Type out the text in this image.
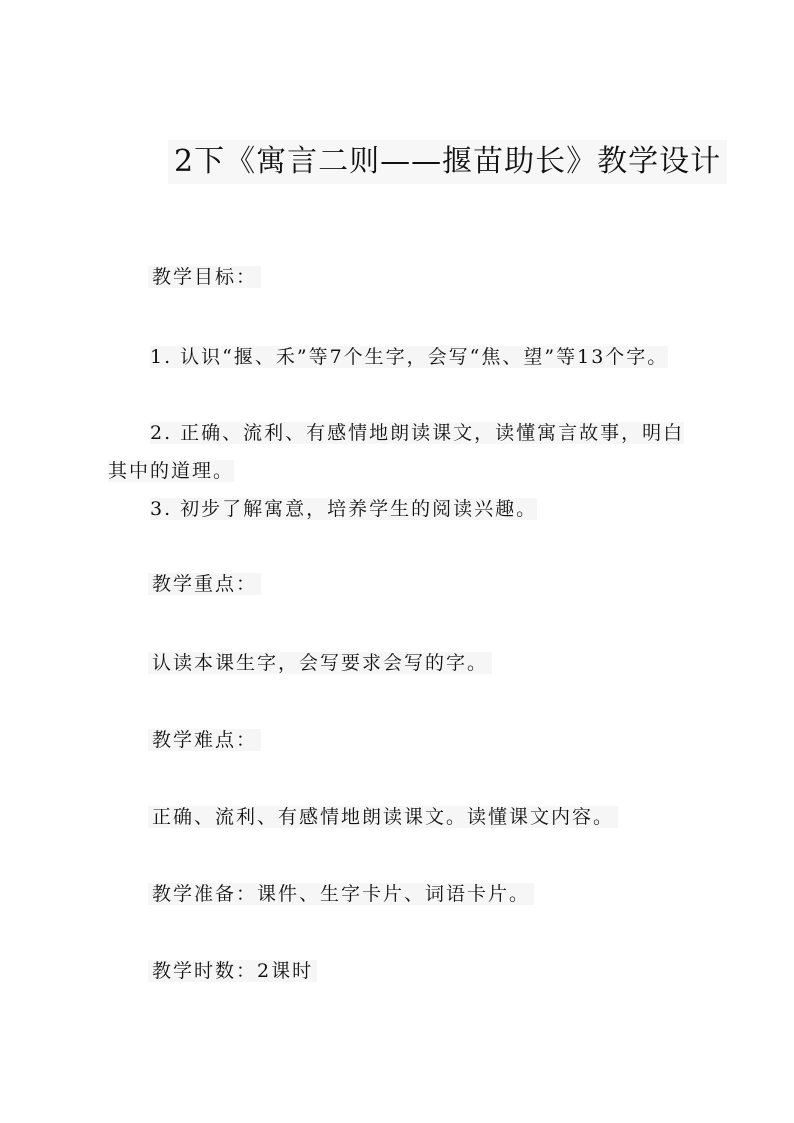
2下《寓言二则——揠苗助长》教学设计
教学目标：
1. 认识“揠、禾”等7个生字，会写“焦、望”等13个字。
2. 正确、流利、有感情地朗读课文，读懂寓言故事，明白其中的道理。
3. 初步了解寓意，培养学生的阅读兴趣。
教学重点：
认读本课生字，会写要求会写的字。
教学难点：
正确、流利、有感情地朗读课文。读懂课文内容。
教学准备：课件、生字卡片、词语卡片。
教学时数：2课时
